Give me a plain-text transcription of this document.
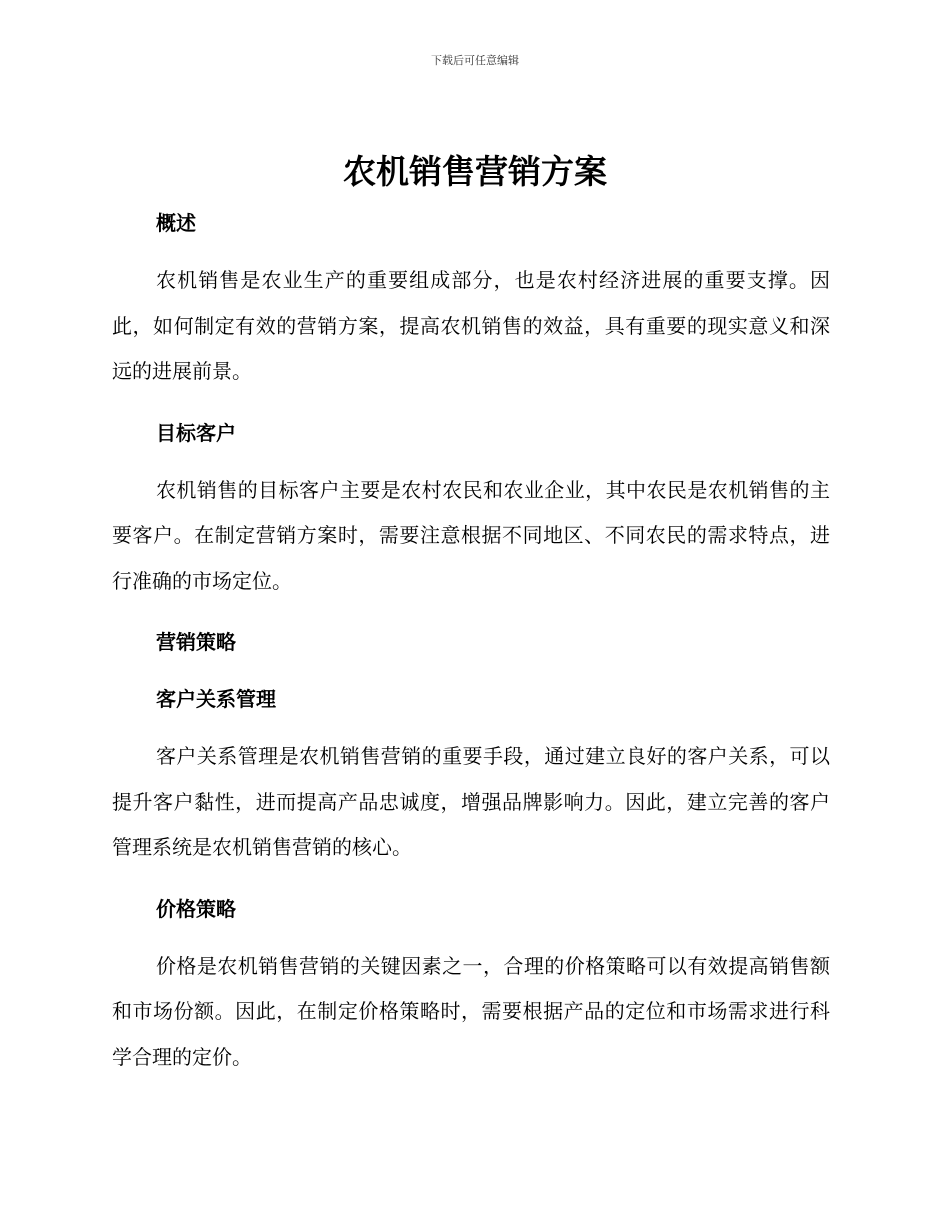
下载后可任意编辑
农机销售营销方案
概述

农机销售是农业生产的重要组成部分，也是农村经济进展的重要支撑。因此，如何制定有效的营销方案，提高农机销售的效益，具有重要的现实意义和深远的进展前景。

目标客户

农机销售的目标客户主要是农村农民和农业企业，其中农民是农机销售的主要客户。在制定营销方案时，需要注意根据不同地区、不同农民的需求特点，进行准确的市场定位。

营销策略
客户关系管理

客户关系管理是农机销售营销的重要手段，通过建立良好的客户关系，可以提升客户黏性，进而提高产品忠诚度，增强品牌影响力。因此，建立完善的客户管理系统是农机销售营销的核心。

价格策略

价格是农机销售营销的关键因素之一，合理的价格策略可以有效提高销售额和市场份额。因此，在制定价格策略时，需要根据产品的定位和市场需求进行科学合理的定价。
